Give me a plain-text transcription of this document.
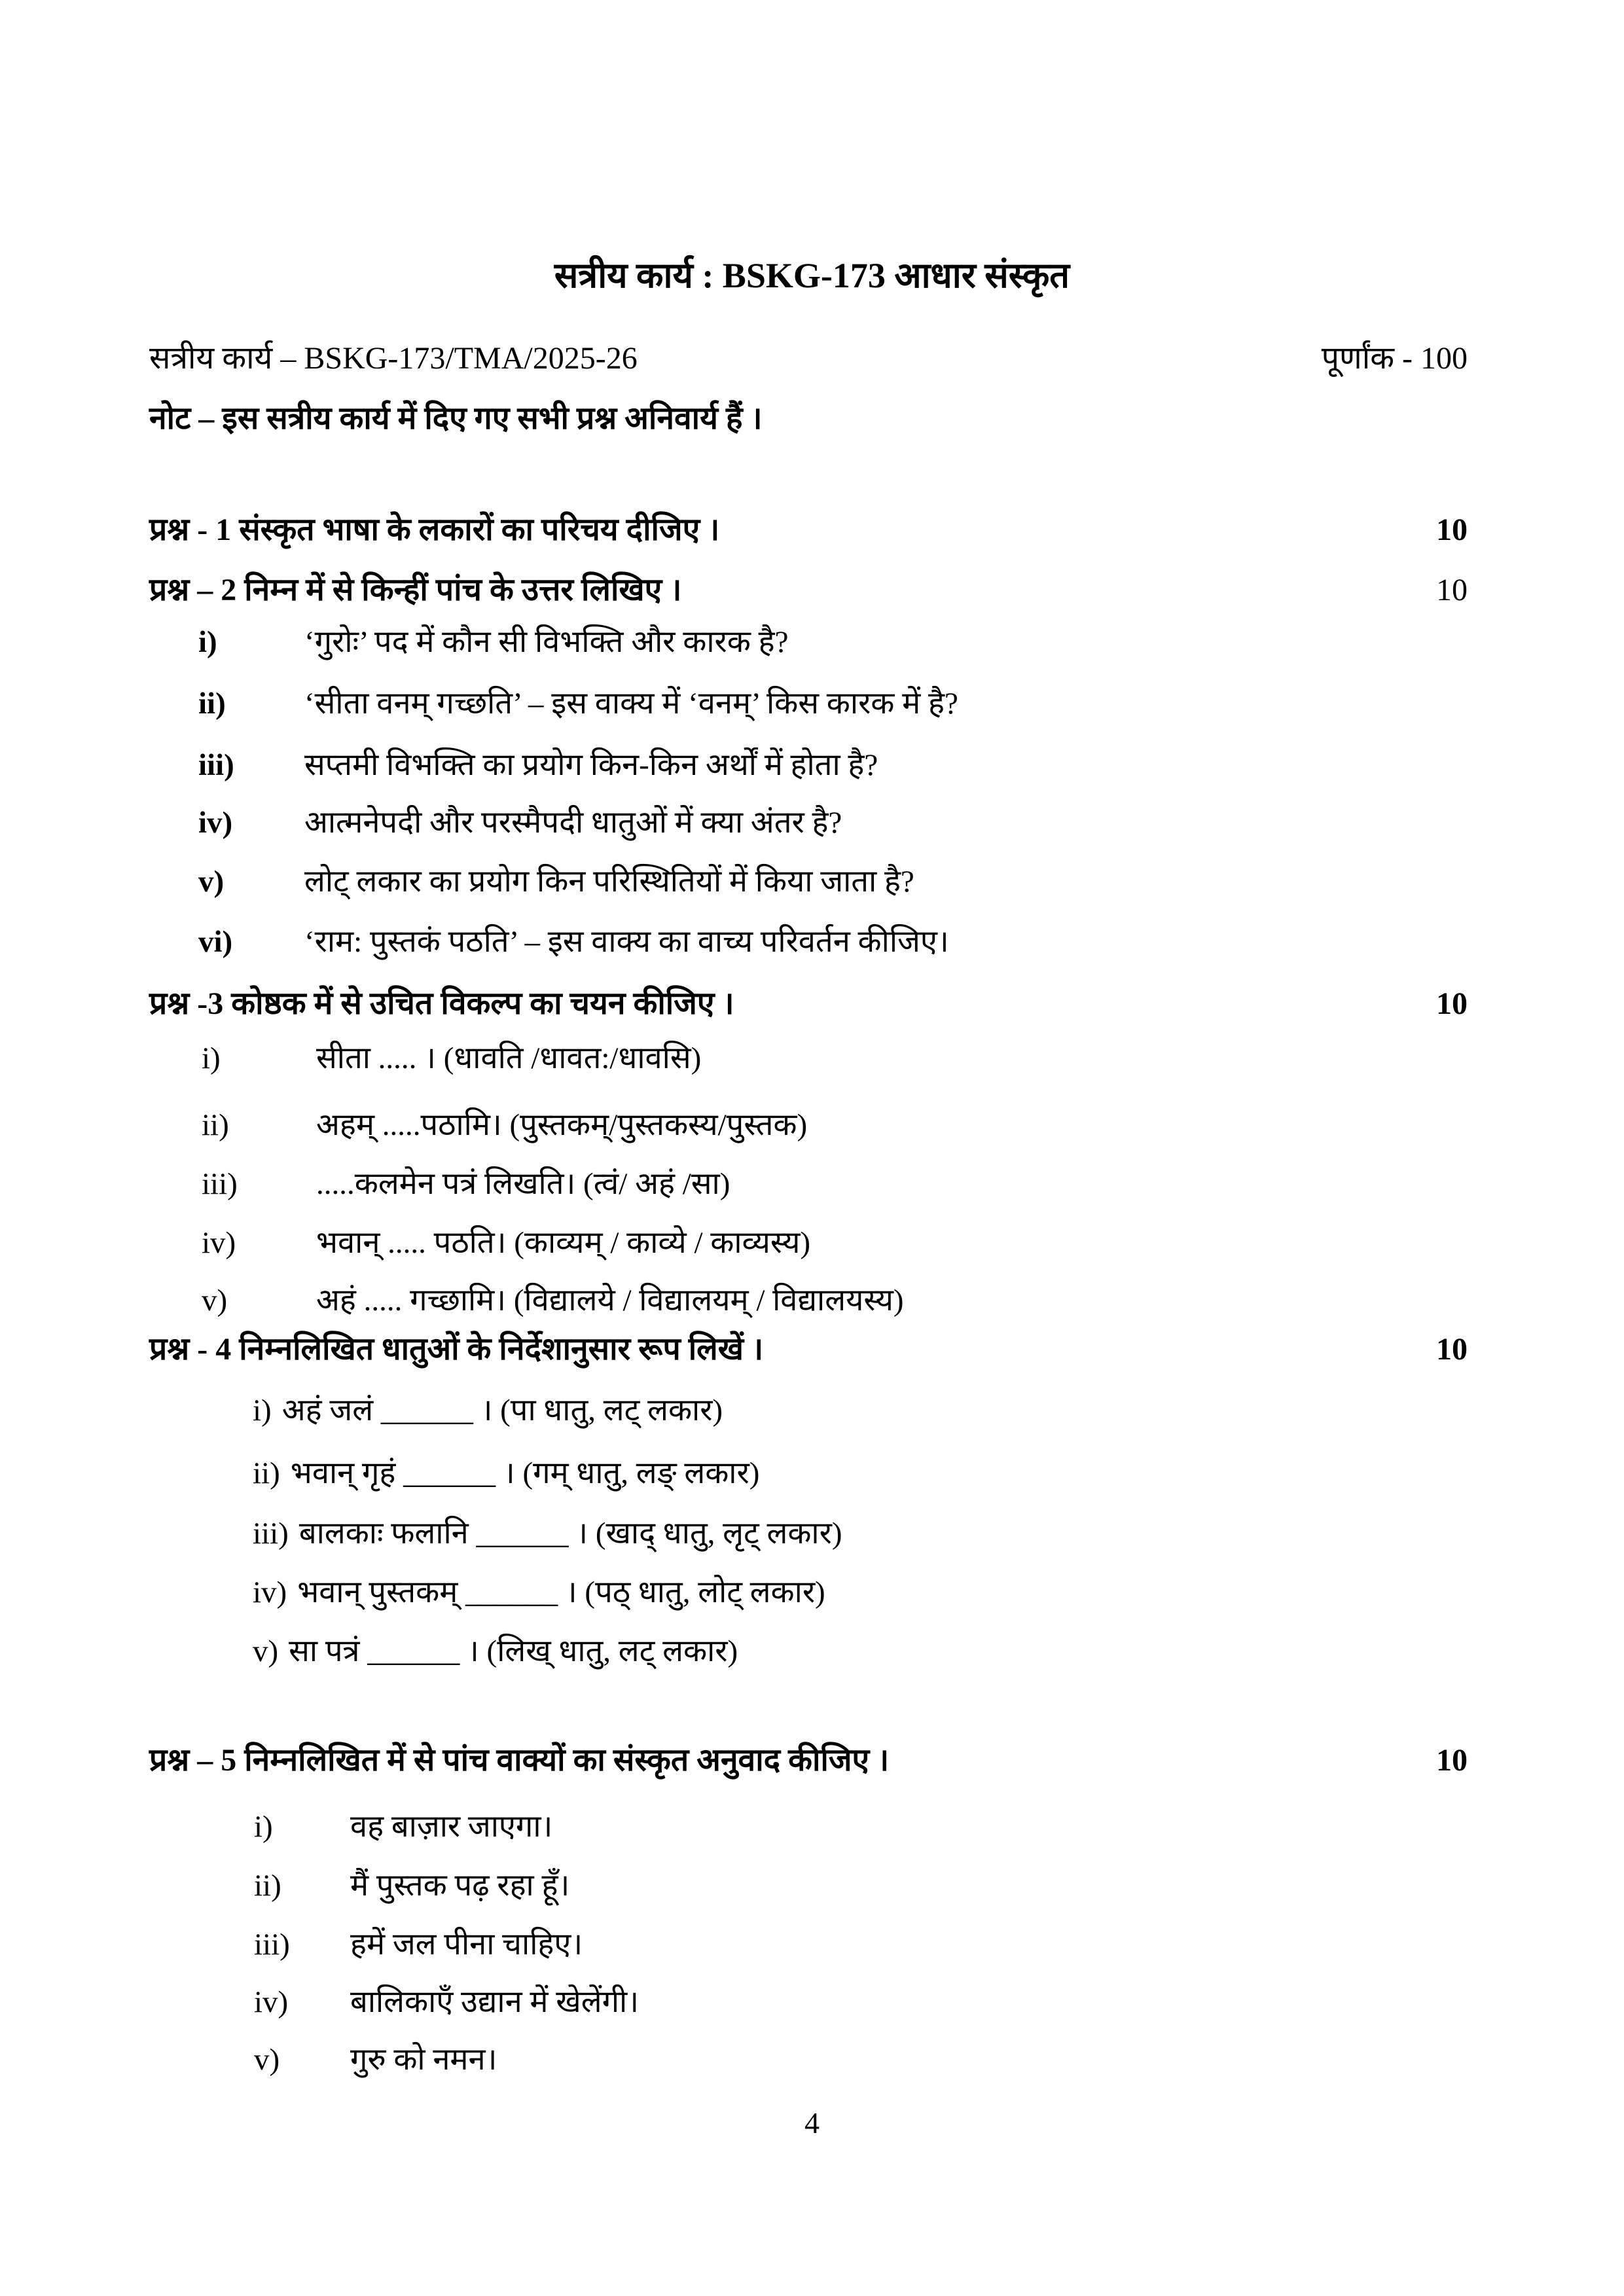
सत्रीय कार्य : BSKG-173 आधार संस्कृत
सत्रीय कार्य – BSKG-173/TMA/2025-26	पूर्णांक - 100
नोट – इस सत्रीय कार्य में दिए गए सभी प्रश्न अनिवार्य हैं ।
प्रश्न - 1 संस्कृत भाषा के लकारों का परिचय दीजिए ।	10
प्रश्न – 2 निम्न में से किन्हीं पांच के उत्तर लिखिए ।	10
i)	‘गुरोः’ पद में कौन सी विभक्ति और कारक है?
ii)	‘सीता वनम् गच्छति’ – इस वाक्य में ‘वनम्’ किस कारक में है?
iii)	सप्तमी विभक्ति का प्रयोग किन-किन अर्थों में होता है?
iv)	आत्मनेपदी और परस्मैपदी धातुओं में क्या अंतर है?
v)	लोट् लकार का प्रयोग किन परिस्थितियों में किया जाता है?
vi)	‘राम: पुस्तकं पठति’ – इस वाक्य का वाच्य परिवर्तन कीजिए।
प्रश्न -3 कोष्ठक में से उचित विकल्प का चयन कीजिए ।	10
i)	सीता ..... । (धावति /धावत:/धावसि)
ii)	अहम् .....पठामि। (पुस्तकम्/पुस्तकस्य/पुस्तक)
iii)	.....कलमेन पत्रं लिखति। (त्वं/ अहं /सा)
iv)	भवान् ..... पठति। (काव्यम् / काव्ये / काव्यस्य)
v)	अहं ..... गच्छामि। (विद्यालये / विद्यालयम् / विद्यालयस्य)
प्रश्न - 4 निम्नलिखित धातुओं के निर्देशानुसार रूप लिखें ।	10
i) अहं जलं ______ । (पा धातु, लट् लकार)
ii) भवान् गृहं ______ । (गम् धातु, लङ् लकार)
iii) बालकाः फलानि ______ । (खाद् धातु, लृट् लकार)
iv) भवान् पुस्तकम् ______ । (पठ् धातु, लोट् लकार)
v) सा पत्रं ______ । (लिख् धातु, लट् लकार)
प्रश्न – 5 निम्नलिखित में से पांच वाक्यों का संस्कृत अनुवाद कीजिए ।	10
i)	वह बाज़ार जाएगा।
ii)	मैं पुस्तक पढ़ रहा हूँ।
iii)	हमें जल पीना चाहिए।
iv)	बालिकाएँ उद्यान में खेलेंगी।
v)	गुरु को नमन।
4
